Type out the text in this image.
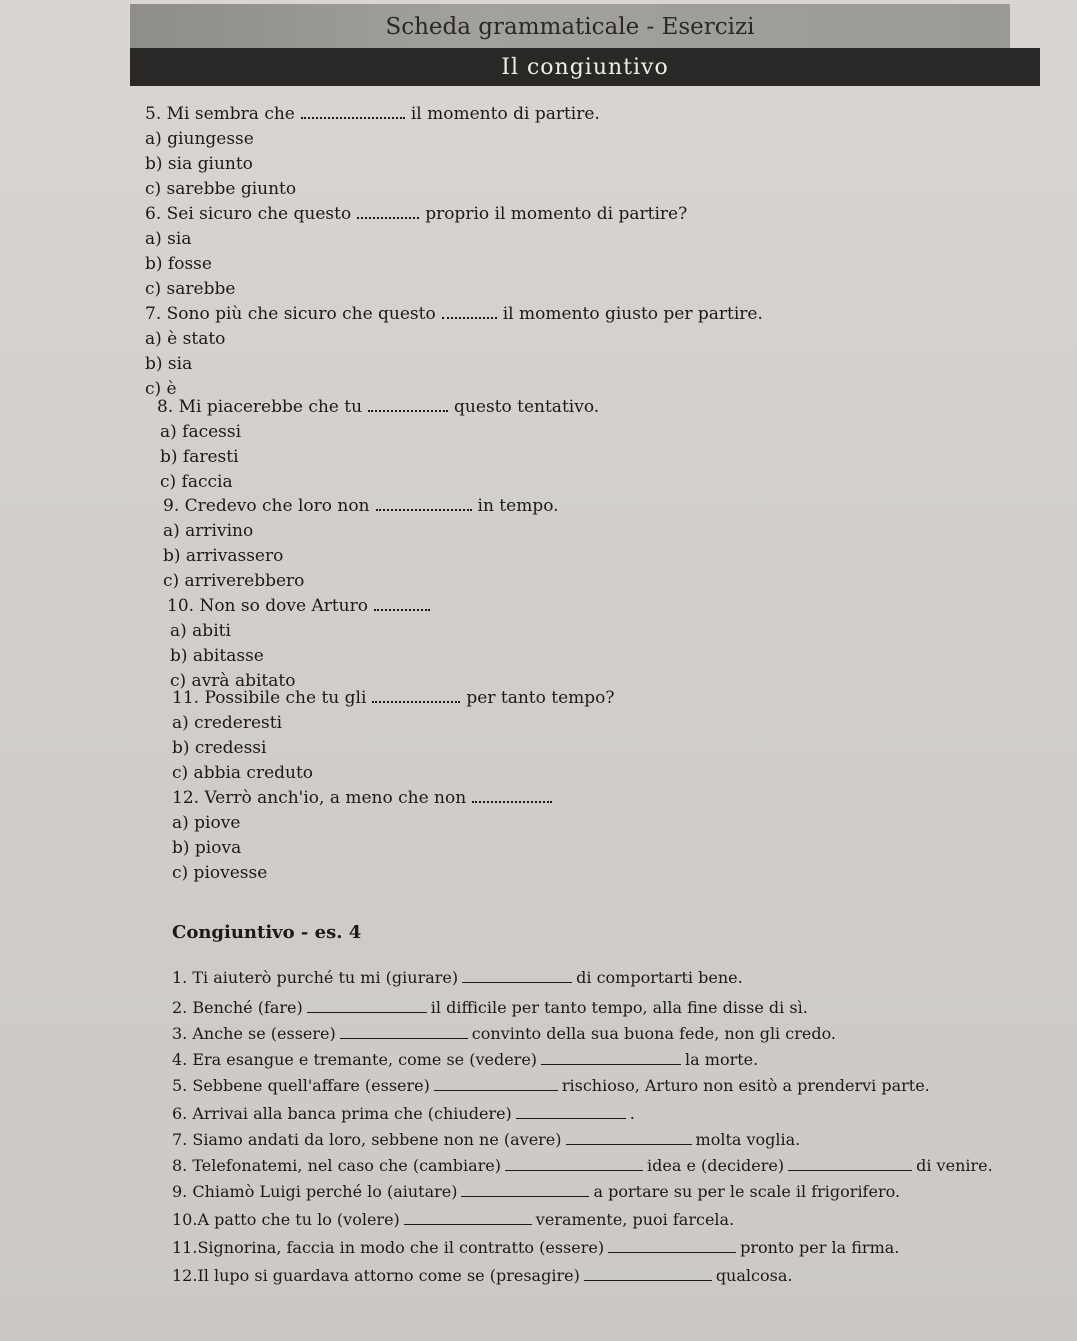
Scheda grammaticale - Esercizi
Il congiuntivo
5. Mi sembra che	il momento di partire.
a) giungesse
b) sia giunto
c) sarebbe giunto
6. Sei sicuro che questo	proprio il momento di partire?
a) sia
b) fosse
c) sarebbe
7. Sono più che sicuro che questo	il momento giusto per partire.
a) è stato
b) sia
c) è
8. Mi piacerebbe che tu	questo tentativo.
a) facessi
b) faresti
c) faccia
9. Credevo che loro non	in tempo.
a) arrivino
b) arrivassero
c) arriverebbero
10. Non so dove Arturo
a) abiti
b) abitasse
c) avrà abitato
11. Possibile che tu gli	per tanto tempo?
a) crederesti
b) credessi
c) abbia creduto
12. Verrò anch'io, a meno che non
a) piove
b) piova
c) piovesse
Congiuntivo - es. 4
1. Ti aiuterò purché tu mi (giurare)	di comportarti bene.
2. Benché (fare)	il difficile per tanto tempo, alla fine disse di sì.
3. Anche se (essere)	convinto della sua buona fede, non gli credo.
4. Era esangue e tremante, come se (vedere)	la morte.
5. Sebbene quell'affare (essere)	rischioso, Arturo non esitò a prendervi parte.
6. Arrivai alla banca prima che (chiudere)	.
7. Siamo andati da loro, sebbene non ne (avere)	molta voglia.
8. Telefonatemi, nel caso che (cambiare)	idea e (decidere)	di venire.
9. Chiamò Luigi perché lo (aiutare)	a portare su per le scale il frigorifero.
10.A patto che tu lo (volere)	veramente, puoi farcela.
11.Signorina, faccia in modo che il contratto (essere)	pronto per la firma.
12.Il lupo si guardava attorno come se (presagire)	qualcosa.
